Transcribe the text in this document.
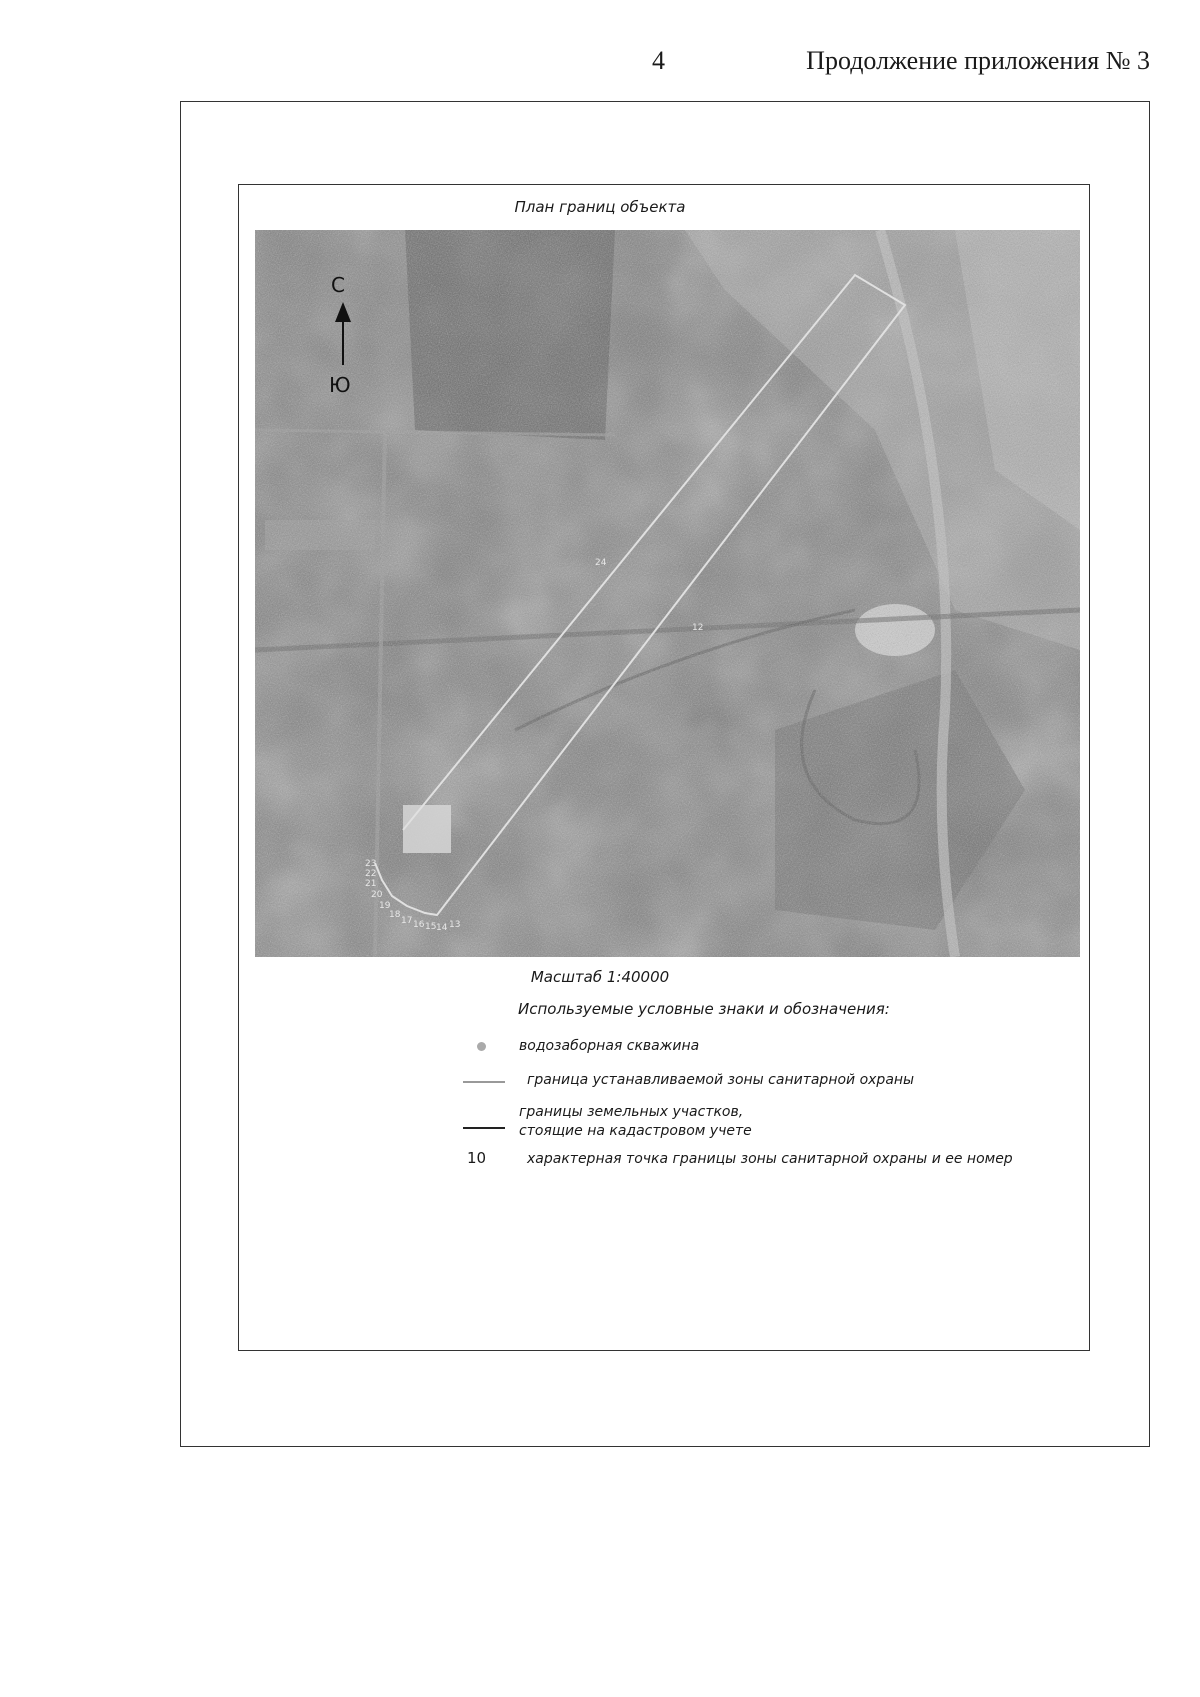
4	Продолжение приложения № 3
План границ объекта
С
Ю
24
12
23
22
21
20
19
18
17 16 15 14 13
Масштаб 1:40000
Используемые условные знаки и обозначения:
водозаборная скважина
граница устанавливаемой зоны санитарной охраны
границы земельных участков,
стоящие на кадастровом учете
10	характерная точка границы зоны санитарной охраны и ее номер
